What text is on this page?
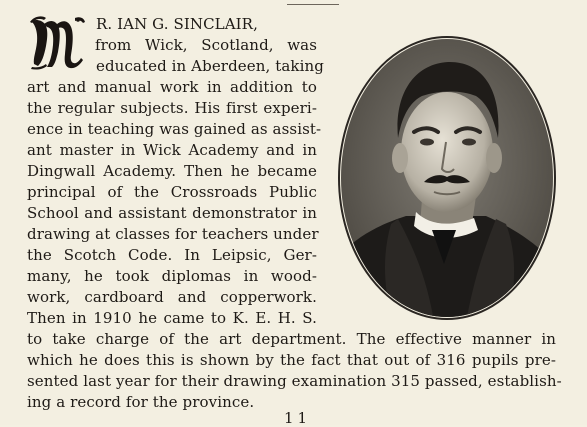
R. IAN G. SINCLAIR,
from Wick, Scotland, was
educated in Aberdeen, taking
art and manual work in addition to
the regular subjects. His first experi-
ence in teaching was gained as assist-
ant master in Wick Academy and in
Dingwall Academy. Then he became
principal of the Crossroads Public
School and assistant demonstrator in
drawing at classes for teachers under
the Scotch Code. In Leipsic, Ger-
many, he took diplomas in wood-
work, cardboard and copperwork.
Then in 1910 he came to K. E. H. S.
to take charge of the art department. The effective manner in
which he does this is shown by the fact that out of 316 pupils pre-
sented last year for their drawing examination 315 passed, establish-
ing a record for the province.
11
